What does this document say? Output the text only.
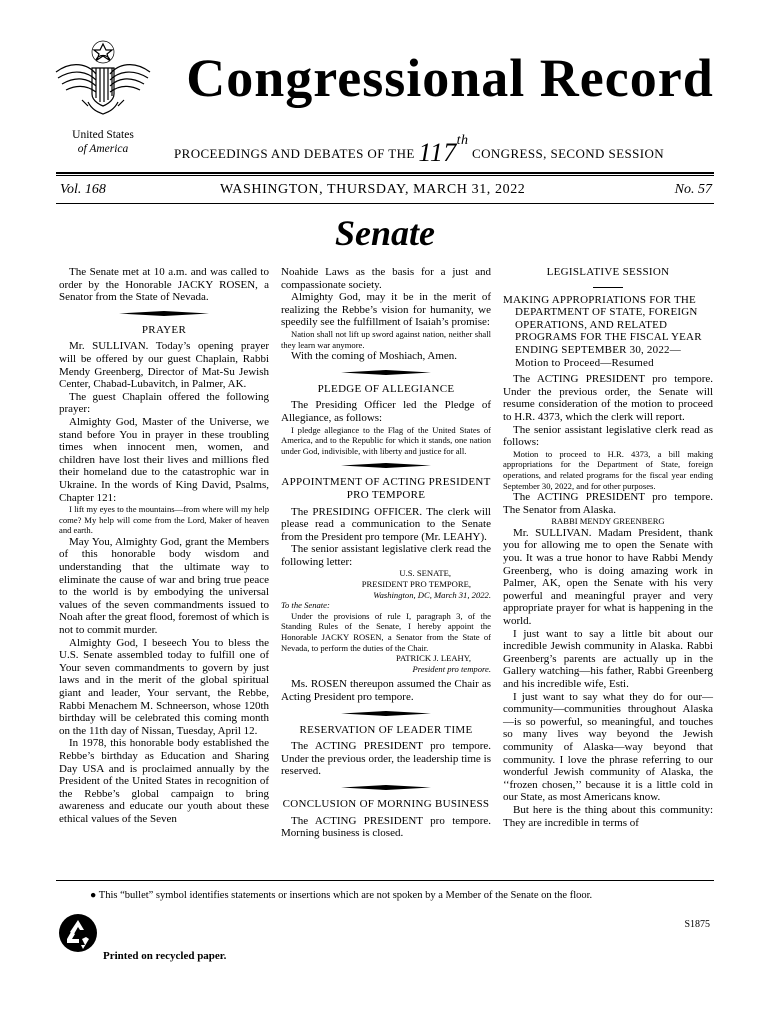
Congressional Record
United States
of America	PROCEEDINGS AND DEBATES OF THE 117th CONGRESS, SECOND SESSION
Vol. 168	WASHINGTON, THURSDAY, MARCH 31, 2022	No. 57
Senate

The Senate met at 10 a.m. and was called to order by the Honorable JACKY ROSEN, a Senator from the State of Nevada.

PRAYER

Mr. SULLIVAN. Today’s opening prayer will be offered by our guest Chaplain, Rabbi Mendy Greenberg, Director of Mat-Su Jewish Center, Chabad-Lubavitch, in Palmer, AK.

The guest Chaplain offered the following prayer:

Almighty God, Master of the Universe, we stand before You in prayer in these troubling times when innocent men, women, and children have lost their lives and millions fled their homeland due to the catastrophic war in Ukraine. In the words of King David, Psalms, Chapter 121:

I lift my eyes to the mountains—from where will my help come? My help will come from the Lord, Maker of heaven and earth.

May You, Almighty God, grant the Members of this honorable body wisdom and understanding that the ultimate way to eliminate the cause of war and bring true peace to the world is by embodying the universal values of the seven commandments issued to Noah after the great flood, foremost of which is not to commit murder.

Almighty God, I beseech You to bless the U.S. Senate assembled today to fulfill one of Your seven commandments to govern by just laws and in the merit of the global spiritual giant and leader, Your servant, the Rebbe, Rabbi Menachem M. Schneerson, whose 120th birthday will be celebrated this coming month on the 11th day of Nissan, Tuesday, April 12.

In 1978, this honorable body established the Rebbe’s birthday as Education and Sharing Day USA and is proclaimed annually by the President of the United States in recognition of the Rebbe’s global campaign to bring awareness and educate our youth about these ethical values of the Seven

Noahide Laws as the basis for a just and compassionate society.

Almighty God, may it be in the merit of realizing the Rebbe’s vision for humanity, we speedily see the fulfillment of Isaiah’s promise:

Nation shall not lift up sword against nation, neither shall they learn war anymore.

With the coming of Moshiach, Amen.

PLEDGE OF ALLEGIANCE

The Presiding Officer led the Pledge of Allegiance, as follows:

I pledge allegiance to the Flag of the United States of America, and to the Republic for which it stands, one nation under God, indivisible, with liberty and justice for all.

APPOINTMENT OF ACTING PRESIDENT PRO TEMPORE

The PRESIDING OFFICER. The clerk will please read a communication to the Senate from the President pro tempore (Mr. LEAHY).

The senior assistant legislative clerk read the following letter:

U.S. SENATE,

PRESIDENT PRO TEMPORE,

Washington, DC, March 31, 2022.

To the Senate:

Under the provisions of rule I, paragraph 3, of the Standing Rules of the Senate, I hereby appoint the Honorable JACKY ROSEN, a Senator from the State of Nevada, to perform the duties of the Chair.

PATRICK J. LEAHY,

President pro tempore.

Ms. ROSEN thereupon assumed the Chair as Acting President pro tempore.

RESERVATION OF LEADER TIME

The ACTING PRESIDENT pro tempore. Under the previous order, the leadership time is reserved.

CONCLUSION OF MORNING BUSINESS

The ACTING PRESIDENT pro tempore. Morning business is closed.

LEGISLATIVE SESSION

MAKING APPROPRIATIONS FOR THE DEPARTMENT OF STATE, FOREIGN OPERATIONS, AND RELATED PROGRAMS FOR THE FISCAL YEAR ENDING SEPTEMBER 30, 2022—Motion to Proceed—Resumed

The ACTING PRESIDENT pro tempore. Under the previous order, the Senate will resume consideration of the motion to proceed to H.R. 4373, which the clerk will report.

The senior assistant legislative clerk read as follows:

Motion to proceed to H.R. 4373, a bill making appropriations for the Department of State, foreign operations, and related programs for the fiscal year ending September 30, 2022, and for other purposes.

The ACTING PRESIDENT pro tempore. The Senator from Alaska.

RABBI MENDY GREENBERG

Mr. SULLIVAN. Madam President, thank you for allowing me to open the Senate with you. It was a true honor to have Rabbi Mendy Greenberg, who is doing amazing work in Palmer, AK, open the Senate with his very powerful and meaningful prayer and very appropriate prayer for what is happening in the world.

I just want to say a little bit about our incredible Jewish community in Alaska. Rabbi Greenberg’s parents are actually up in the Gallery watching—his father, Rabbi Greenberg and his incredible wife, Esti.

I just want to say what they do for our—community—communities throughout Alaska—is so powerful, so meaningful, and touches so many lives way beyond the Jewish community of Alaska—way beyond that community. I love the phrase referring to our wonderful Jewish community of Alaska, the ‘‘frozen chosen,’’ because it is a little cold in our State, as most Americans know.

But here is the thing about this community: They are incredible in terms of

● This “bullet” symbol identifies statements or insertions which are not spoken by a Member of the Senate on the floor.
S1875
Printed on recycled paper.
